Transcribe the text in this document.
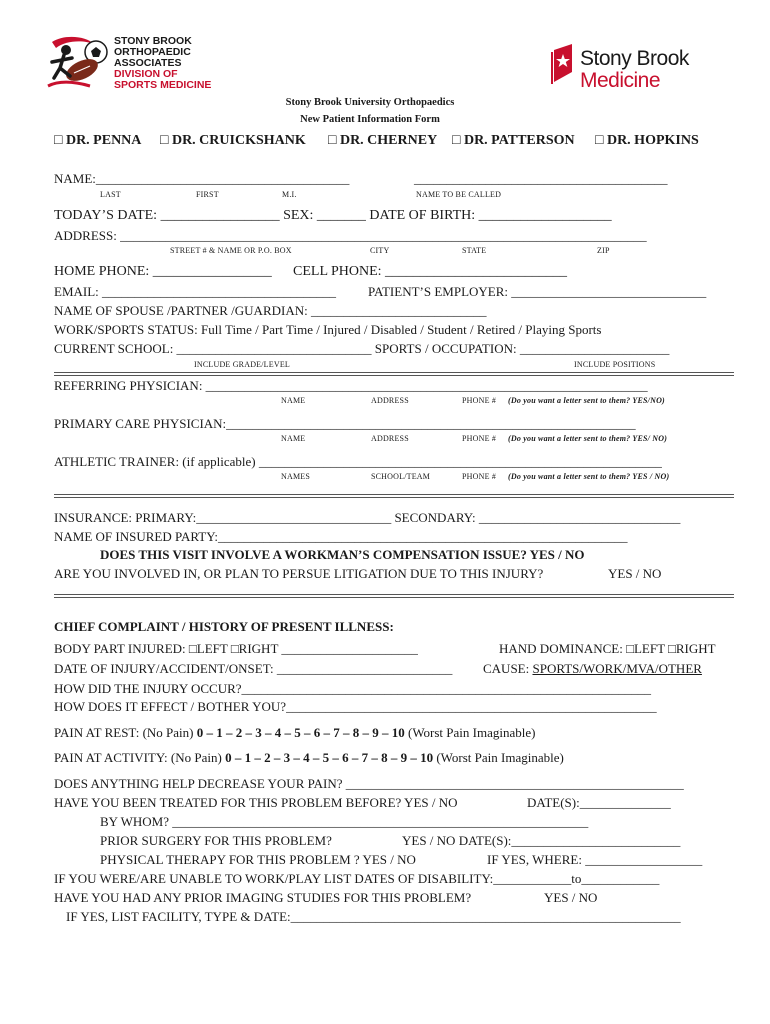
STONY BROOK
ORTHOPAEDIC
ASSOCIATES
DIVISION OF
SPORTS MEDICINE
Stony Brook
Medicine
Stony Brook University Orthopaedics
New Patient Information Form
□ DR. PENNA □ DR. CRUICKSHANK □ DR. CHERNEY □ DR. PATTERSON □ DR. HOPKINS
NAME:_______________________________________	_______________________________________
LAST	FIRST	M.I.	NAME TO BE CALLED
TODAY’S DATE: _________________ SEX: _______ DATE OF BIRTH: ___________________
ADDRESS: _________________________________________________________________________________
STREET # & NAME OR P.O. BOX	CITY	STATE	ZIP
HOME PHONE: _________________ CELL PHONE: __________________________
EMAIL: ____________________________________ PATIENT’S EMPLOYER: ______________________________
NAME OF SPOUSE /PARTNER /GUARDIAN: ___________________________
WORK/SPORTS STATUS: Full Time / Part Time / Injured / Disabled / Student / Retired / Playing Sports
CURRENT SCHOOL: ______________________________ SPORTS / OCCUPATION: _______________________
INCLUDE GRADE/LEVEL	INCLUDE POSITIONS
REFERRING PHYSICIAN: ____________________________________________________________________
NAME	ADDRESS	PHONE # (Do you want a letter sent to them? YES/NO)
PRIMARY CARE PHYSICIAN:_______________________________________________________________
NAME	ADDRESS	PHONE # (Do you want a letter sent to them? YES/ NO)
ATHLETIC TRAINER: (if applicable) ______________________________________________________________
NAMES	SCHOOL/TEAM	PHONE # (Do you want a letter sent to them? YES / NO)
INSURANCE: PRIMARY:______________________________ SECONDARY: _______________________________
NAME OF INSURED PARTY:_______________________________________________________________
DOES THIS VISIT INVOLVE A WORKMAN’S COMPENSATION ISSUE? YES / NO
ARE YOU INVOLVED IN, OR PLAN TO PERSUE LITIGATION DUE TO THIS INJURY?	YES / NO
CHIEF COMPLAINT / HISTORY OF PRESENT ILLNESS:
BODY PART INJURED: □LEFT □RIGHT _____________________	HAND DOMINANCE: □LEFT □RIGHT
DATE OF INJURY/ACCIDENT/ONSET: ___________________________ CAUSE: SPORTS/WORK/MVA/OTHER
HOW DID THE INJURY OCCUR?_______________________________________________________________
HOW DOES IT EFFECT / BOTHER YOU?_________________________________________________________
PAIN AT REST: (No Pain) 0 – 1 – 2 – 3 – 4 – 5 – 6 – 7 – 8 – 9 – 10 (Worst Pain Imaginable)
PAIN AT ACTIVITY: (No Pain) 0 – 1 – 2 – 3 – 4 – 5 – 6 – 7 – 8 – 9 – 10 (Worst Pain Imaginable)
DOES ANYTHING HELP DECREASE YOUR PAIN? ____________________________________________________
HAVE YOU BEEN TREATED FOR THIS PROBLEM BEFORE? YES / NO	DATE(S):______________
BY WHOM? ________________________________________________________________
PRIOR SURGERY FOR THIS PROBLEM?	YES / NO DATE(S):__________________________
PHYSICAL THERAPY FOR THIS PROBLEM ? YES / NO	IF YES, WHERE: __________________
IF YOU WERE/ARE UNABLE TO WORK/PLAY LIST DATES OF DISABILITY:____________to____________
HAVE YOU HAD ANY PRIOR IMAGING STUDIES FOR THIS PROBLEM?	YES / NO
IF YES, LIST FACILITY, TYPE & DATE:____________________________________________________________
